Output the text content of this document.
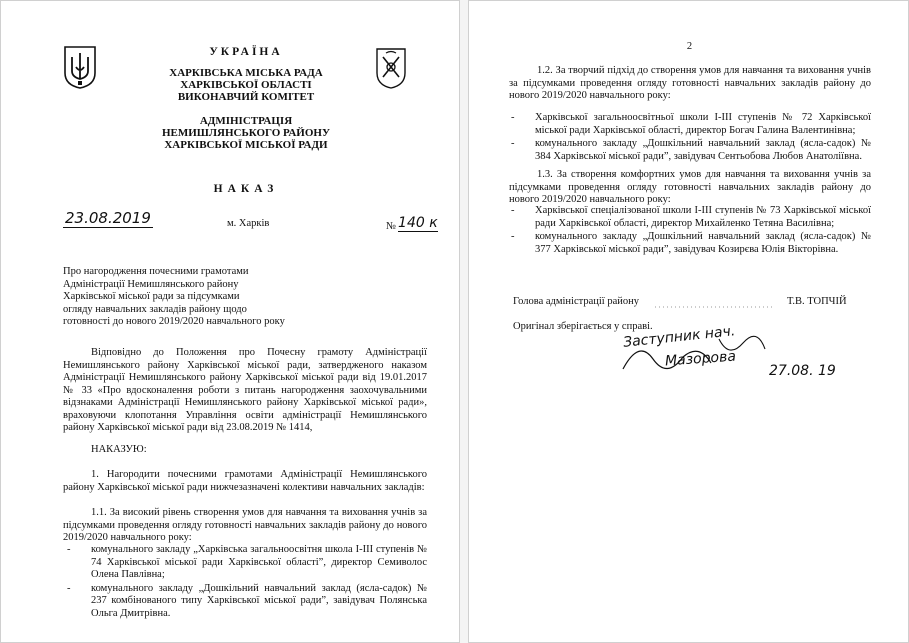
УКРАЇНА
ХАРКІВСЬКА МІСЬКА РАДА
ХАРКІВСЬКОЇ ОБЛАСТІ
ВИКОНАВЧИЙ КОМІТЕТ
АДМІНІСТРАЦІЯ
НЕМИШЛЯНСЬКОГО РАЙОНУ
ХАРКІВСЬКОЇ МІСЬКОЇ РАДИ
НАКАЗ
23.08.2019	м. Харків	№ 140 к
Про нагородження почесними грамотами
Адміністрації Немишлянського району
Харківської міської ради за підсумками
огляду навчальних закладів району щодо
готовності до нового 2019/2020 навчального року
Відповідно до Положення про Почесну грамоту Адміністрації Немишлянського району Харківської міської ради, затвердженого наказом Адміністрації Немишлянського району Харківської міської ради від 19.01.2017 № 33 «Про вдосконалення роботи з питань нагородження заохочувальними відзнаками Адміністрації Немишлянського району Харківської міської ради», враховуючи клопотання Управління освіти адміністрації Немишлянського району Харківської міської ради від 23.08.2019 № 1414,
НАКАЗУЮ:
1. Нагородити почесними грамотами Адміністрації Немишлянського району Харківської міської ради нижчезазначені колективи навчальних закладів:
1.1. За високий рівень створення умов для навчання та виховання учнів за підсумками проведення огляду готовності навчальних закладів району до нового 2019/2020 навчального року:
-	комунального закладу „Харківська загальноосвітня школа І-ІІІ ступенів № 74 Харківської міської ради Харківської області”, директор Семиволос Олена Павлівна;
-	комунального закладу „Дошкільний навчальний заклад (ясла-садок) № 237 комбінованого типу Харківської міської ради”, завідувач Полянська Ольга Дмитрівна.
2
1.2. За творчий підхід до створення умов для навчання та виховання учнів за підсумками проведення огляду готовності навчальних закладів району до нового 2019/2020 навчального року:
-	Харківської загальноосвітньої школи І-ІІІ ступенів № 72 Харківської міської ради Харківської області, директор Богач Галина Валентинівна;
-	комунального закладу „Дошкільний навчальний заклад (ясла-садок) № 384 Харківської міської ради”, завідувач Сентьобова Любов Анатоліївна.
1.3. За створення комфортних умов для навчання та виховання учнів за підсумками проведення огляду готовності навчальних закладів району до нового 2019/2020 навчального року:
-	Харківської спеціалізованої школи І-ІІІ ступенів № 73 Харківської міської ради Харківської області, директор Михайленко Тетяна Василівна;
-	комунального закладу „Дошкільний навчальний заклад (ясла-садок) № 377 Харківської міської ради”, завідувач Козирєва Юлія Вікторівна.
Голова адміністрації району	Т.В. ТОПЧІЙ
Оригінал зберігається у справі.
Заступник нач.
Мазорова
27.08. 19
